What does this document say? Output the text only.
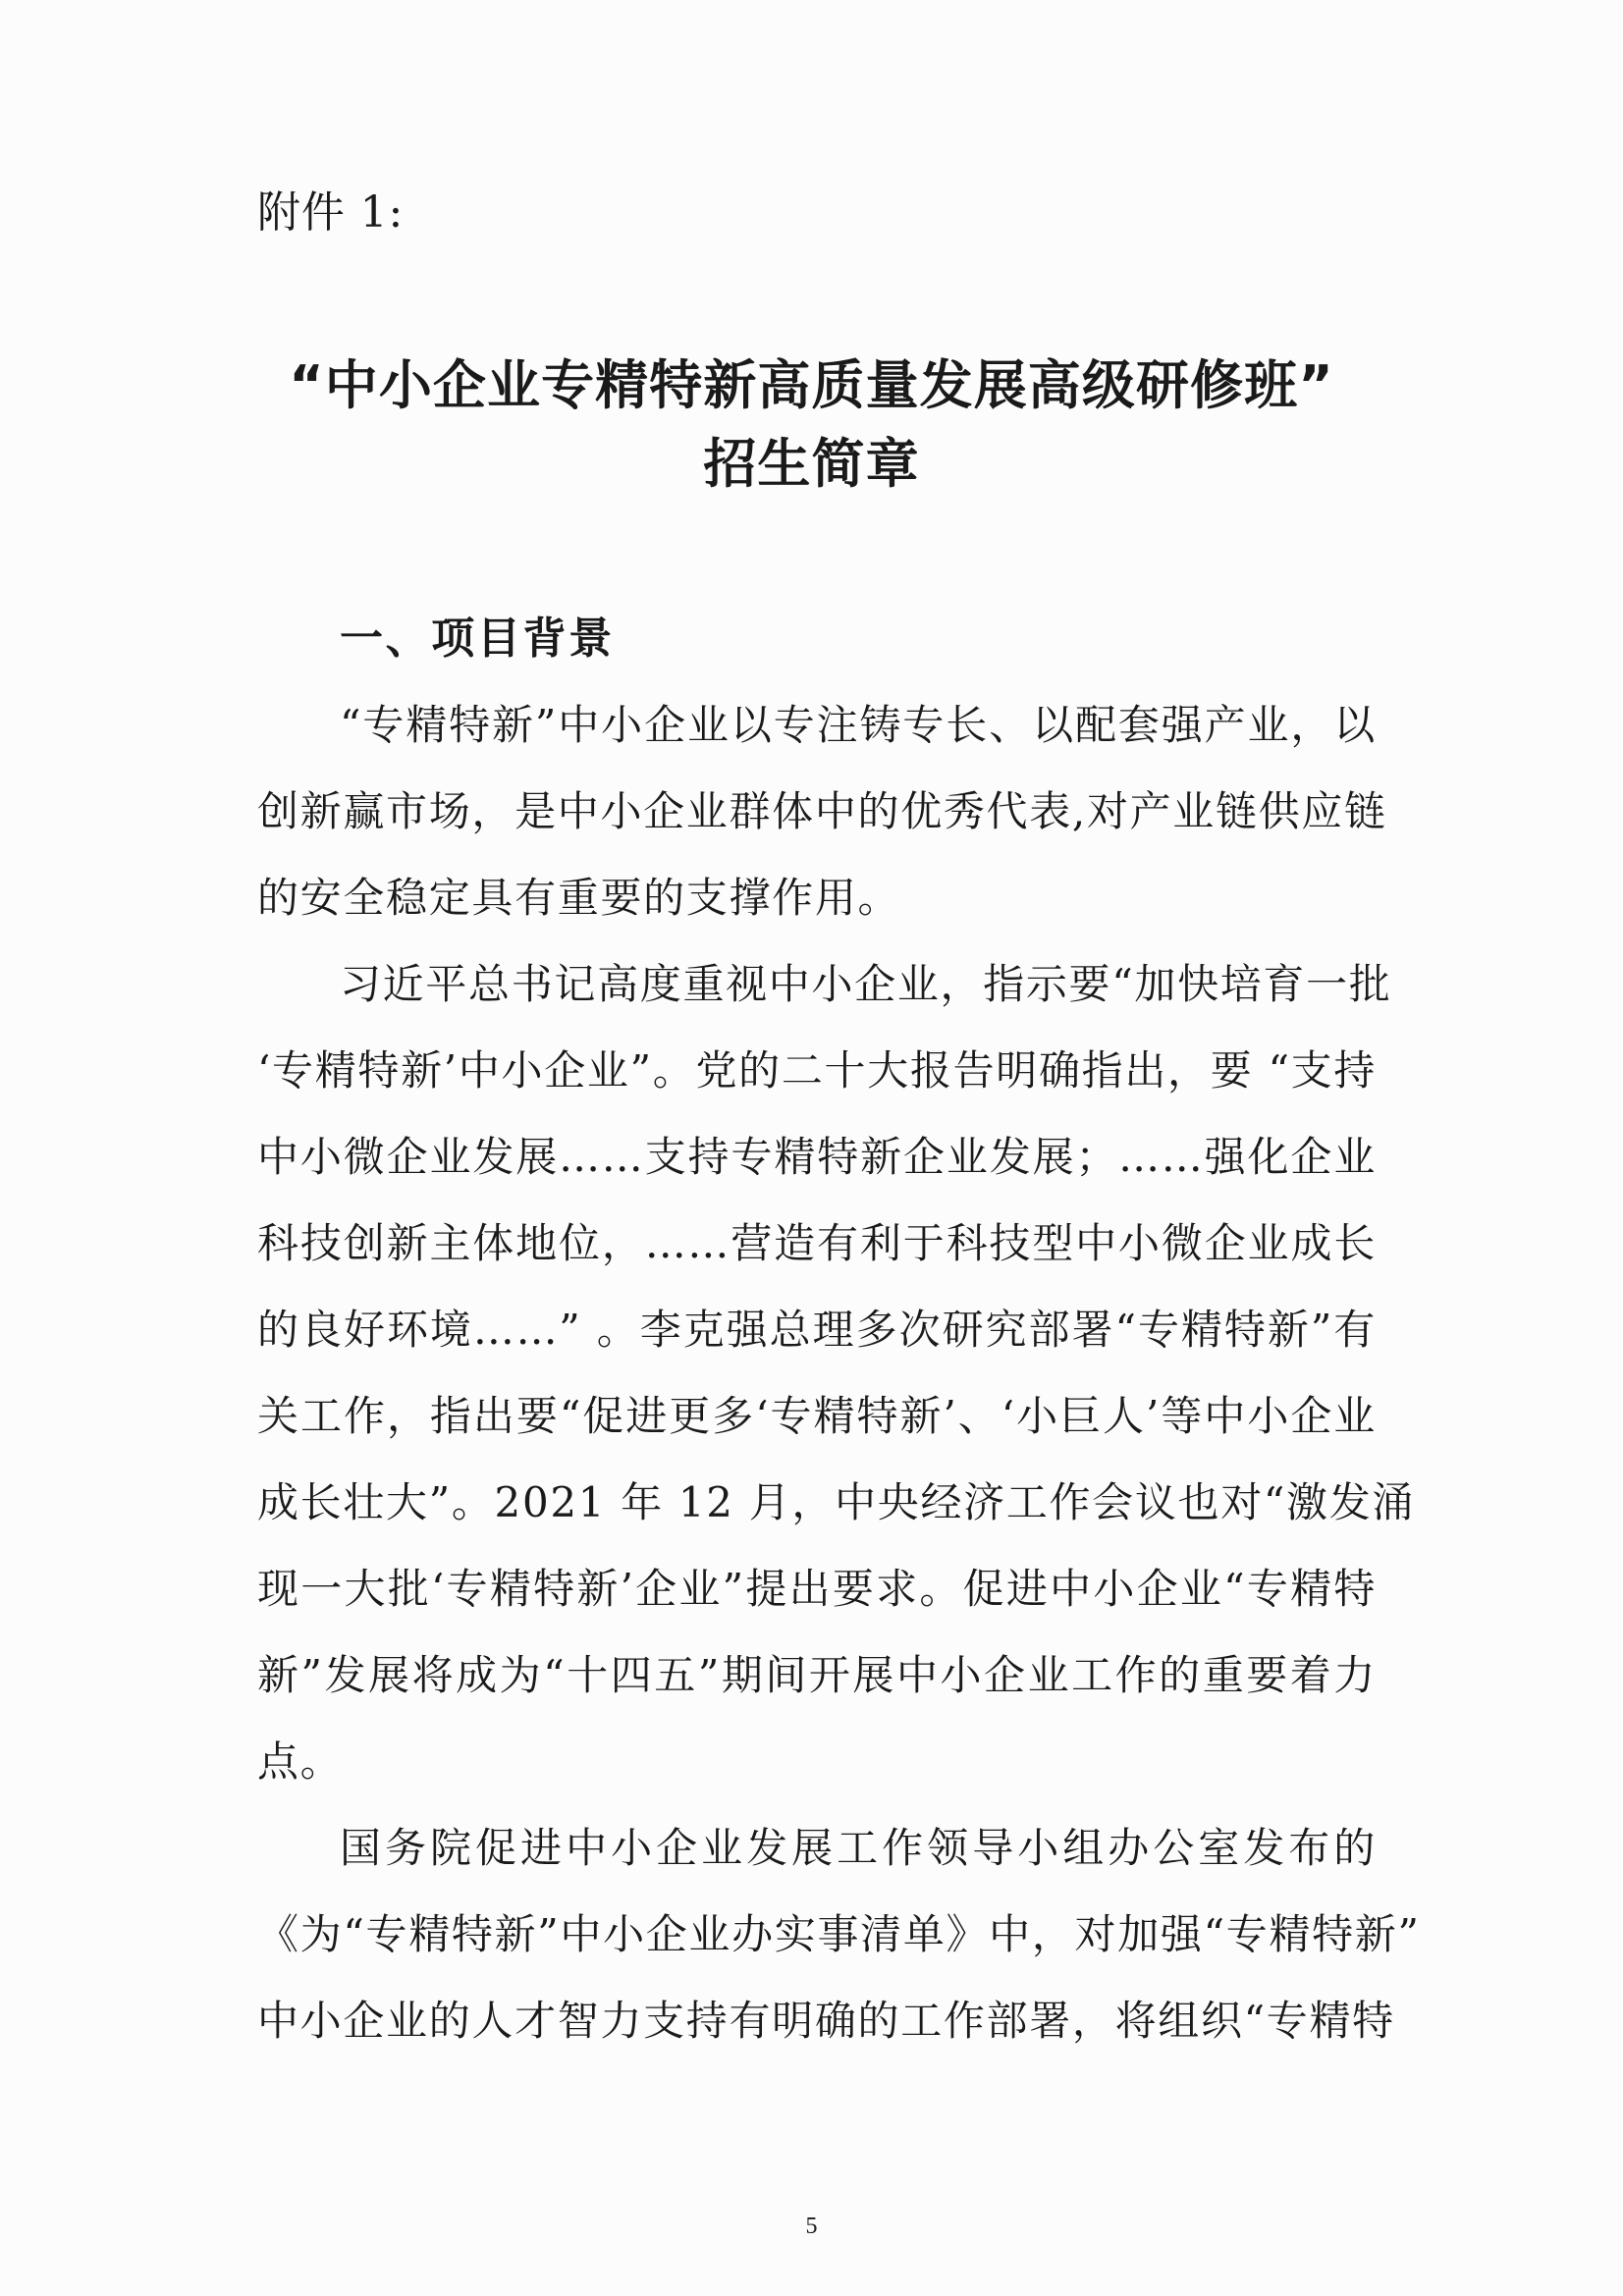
附件 1:
“中小企业专精特新高质量发展高级研修班”
招生简章
一、项目背景
“专精特新”中小企业以专注铸专长、以配套强产业，以
创新赢市场，是中小企业群体中的优秀代表,对产业链供应链
的安全稳定具有重要的支撑作用。
习近平总书记高度重视中小企业，指示要“加快培育一批
‘专精特新’中小企业”。党的二十大报告明确指出，要 “支持
中小微企业发展……支持专精特新企业发展；……强化企业
科技创新主体地位，……营造有利于科技型中小微企业成长
的良好环境……” 。李克强总理多次研究部署“专精特新”有
关工作，指出要“促进更多‘专精特新’、‘小巨人’等中小企业
成长壮大”。2021 年 12 月，中央经济工作会议也对“激发涌
现一大批‘专精特新’企业”提出要求。促进中小企业“专精特
新”发展将成为“十四五”期间开展中小企业工作的重要着力
点。
国务院促进中小企业发展工作领导小组办公室发布的
《为“专精特新”中小企业办实事清单》中，对加强“专精特新”
中小企业的人才智力支持有明确的工作部署，将组织“专精特
5
